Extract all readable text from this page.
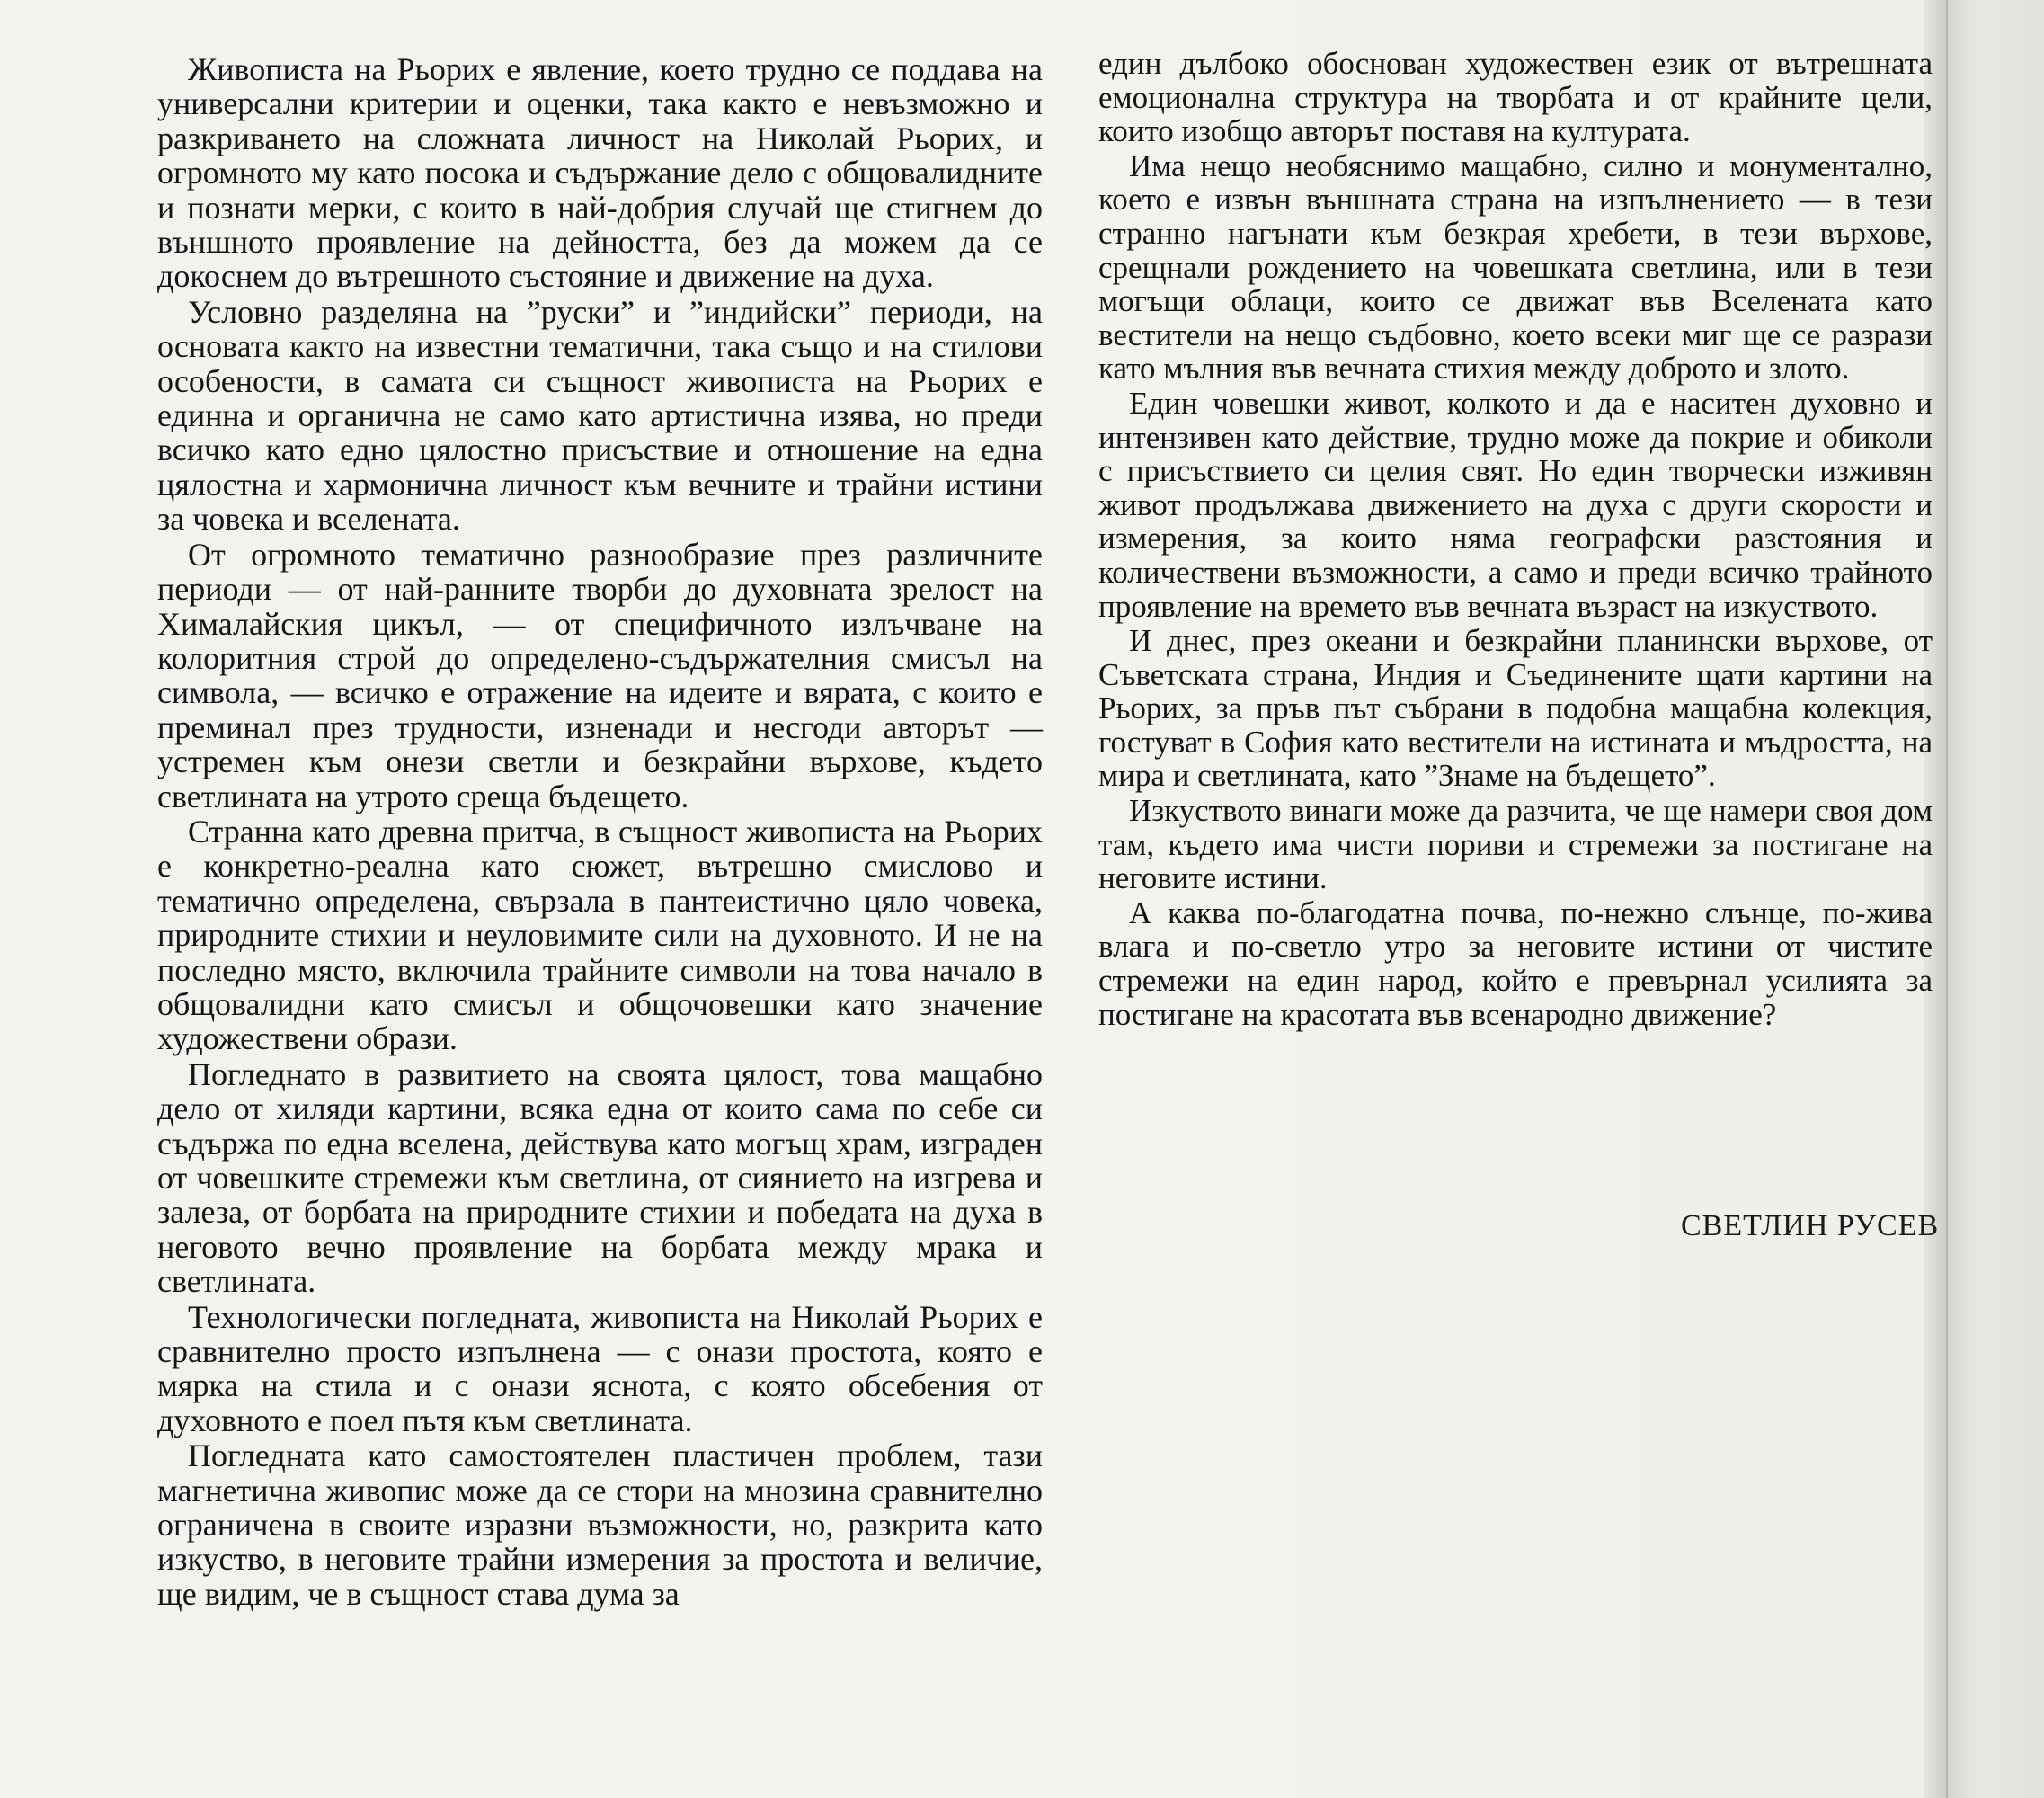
Живописта на Рьорих е явление, което трудно се поддава на универсални критерии и оценки, така както е невъзможно и разкриването на сложната личност на Николай Рьорих, и огромното му като посока и съдържание дело с общовалидните и познати мерки, с които в най-добрия случай ще стигнем до външното проявление на дейността, без да можем да се докоснем до вътрешното състояние и движение на духа.

Условно разделяна на ”руски” и ”индийски” периоди, на основата както на известни тематични, така също и на стилови особености, в самата си същност живописта на Рьорих е единна и органична не само като артистична изява, но преди всичко като едно цялостно присъствие и отношение на една цялостна и хармонична личност към вечните и трайни истини за човека и вселената.

От огромното тематично разнообразие през различните периоди — от най-ранните творби до духовната зрелост на Хималайския цикъл, — от специфичното излъчване на колоритния строй до определено-съдържателния смисъл на символа, — всичко е отражение на идеите и вярата, с които е преминал през трудности, изненади и несгоди авторът — устремен към онези светли и безкрайни върхове, където светлината на утрото среща бъдещето.

Странна като древна притча, в същност живописта на Рьорих е конкретно-реална като сюжет, вътрешно смислово и тематично определена, свързала в пантеистично цяло човека, природните стихии и неуловимите сили на духовното. И не на последно място, включила трайните символи на това начало в общовалидни като смисъл и общочовешки като значение художествени образи.

Погледнато в развитието на своята цялост, това мащабно дело от хиляди картини, всяка една от които сама по себе си съдържа по една вселена, действува като могъщ храм, изграден от човешките стремежи към светлина, от сиянието на изгрева и залеза, от борбата на природните стихии и победата на духа в неговото вечно проявление на борбата между мрака и светлината.

Технологически погледната, живописта на Николай Рьорих е сравнително просто изпълнена — с онази простота, която е мярка на стила и с онази яснота, с която обсебения от духовното е поел пътя към светлината.

Погледната като самостоятелен пластичен проблем, тази магнетична живопис може да се стори на мнозина сравнително ограничена в своите изразни възможности, но, разкрита като изкуство, в неговите трайни измерения за простота и величие, ще видим, че в същност става дума за

един дълбоко обоснован художествен език от вътрешната емоционална структура на творбата и от крайните цели, които изобщо авторът поставя на културата.

Има нещо необяснимо мащабно, силно и монументално, което е извън външната страна на изпълнението — в тези странно нагънати към безкрая хребети, в тези върхове, срещнали рождението на човешката светлина, или в тези могъщи облаци, които се движат във Вселената като вестители на нещо съдбовно, което всеки миг ще се разрази като мълния във вечната стихия между доброто и злото.

Един човешки живот, колкото и да е наситен духовно и интензивен като действие, трудно може да покрие и обиколи с присъствието си целия свят. Но един творчески изживян живот продължава движението на духа с други скорости и измерения, за които няма географски разстояния и количествени възможности, а само и преди всичко трайното проявление на времето във вечната възраст на изкуството.

И днес, през океани и безкрайни планински върхове, от Съветската страна, Индия и Съединените щати картини на Рьорих, за пръв път събрани в подобна мащабна колекция, гостуват в София като вестители на истината и мъдростта, на мира и светлината, като ”Знаме на бъдещето”.

Изкуството винаги може да разчита, че ще намери своя дом там, където има чисти пориви и стремежи за постигане на неговите истини.

А каква по-благодатна почва, по-нежно слънце, по-жива влага и по-светло утро за неговите истини от чистите стремежи на един народ, който е превърнал усилията за постигане на красотата във всенародно движение?

СВЕТЛИН РУСЕВ
